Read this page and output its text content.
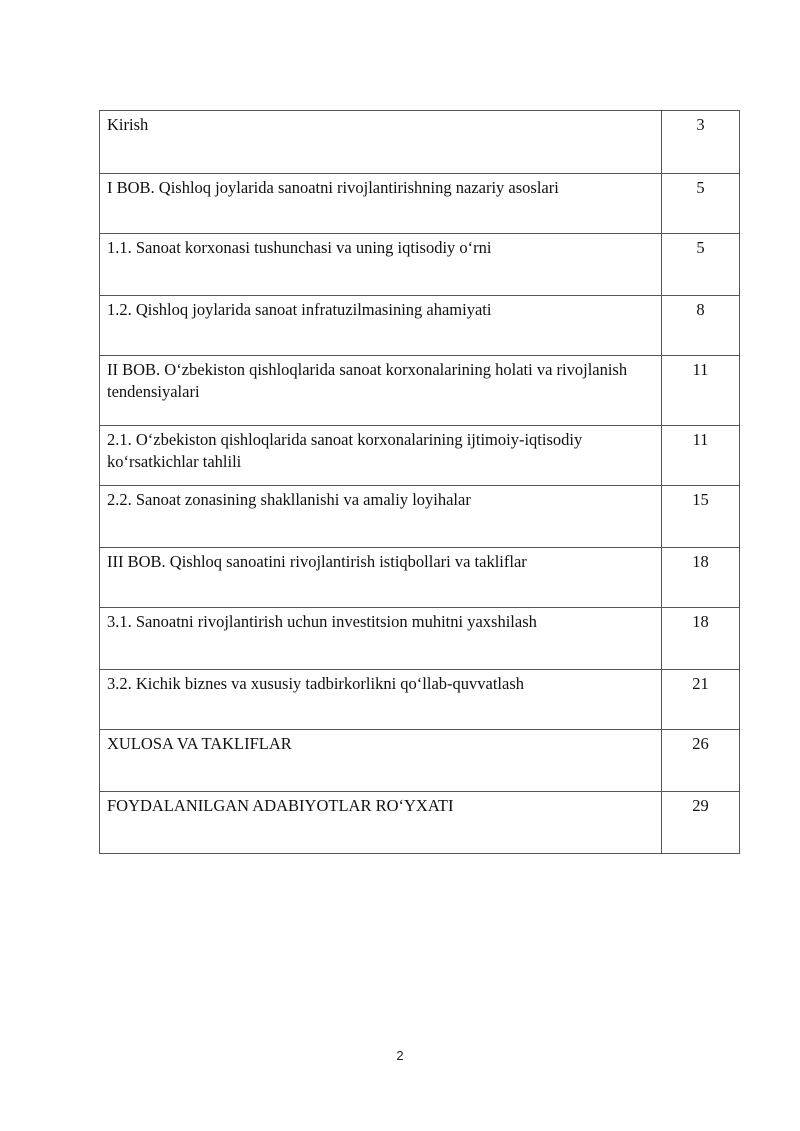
Kirish	3
I BOB. Qishloq joylarida sanoatni rivojlantirishning nazariy asoslari	5
1.1. Sanoat korxonasi tushunchasi va uning iqtisodiy o‘rni	5
1.2. Qishloq joylarida sanoat infratuzilmasining ahamiyati	8
II BOB. O‘zbekiston qishloqlarida sanoat korxonalarining holati va rivojlanish tendensiyalari	11
2.1. O‘zbekiston qishloqlarida sanoat korxonalarining ijtimoiy-iqtisodiy ko‘rsatkichlar tahlili	11
2.2. Sanoat zonasining shakllanishi va amaliy loyihalar	15
III BOB. Qishloq sanoatini rivojlantirish istiqbollari va takliflar	18
3.1. Sanoatni rivojlantirish uchun investitsion muhitni yaxshilash	18
3.2. Kichik biznes va xususiy tadbirkorlikni qo‘llab-quvvatlash	21
XULOSA VA TAKLIFLAR	26
FOYDALANILGAN ADABIYOTLAR RO‘YXATI	29
2
